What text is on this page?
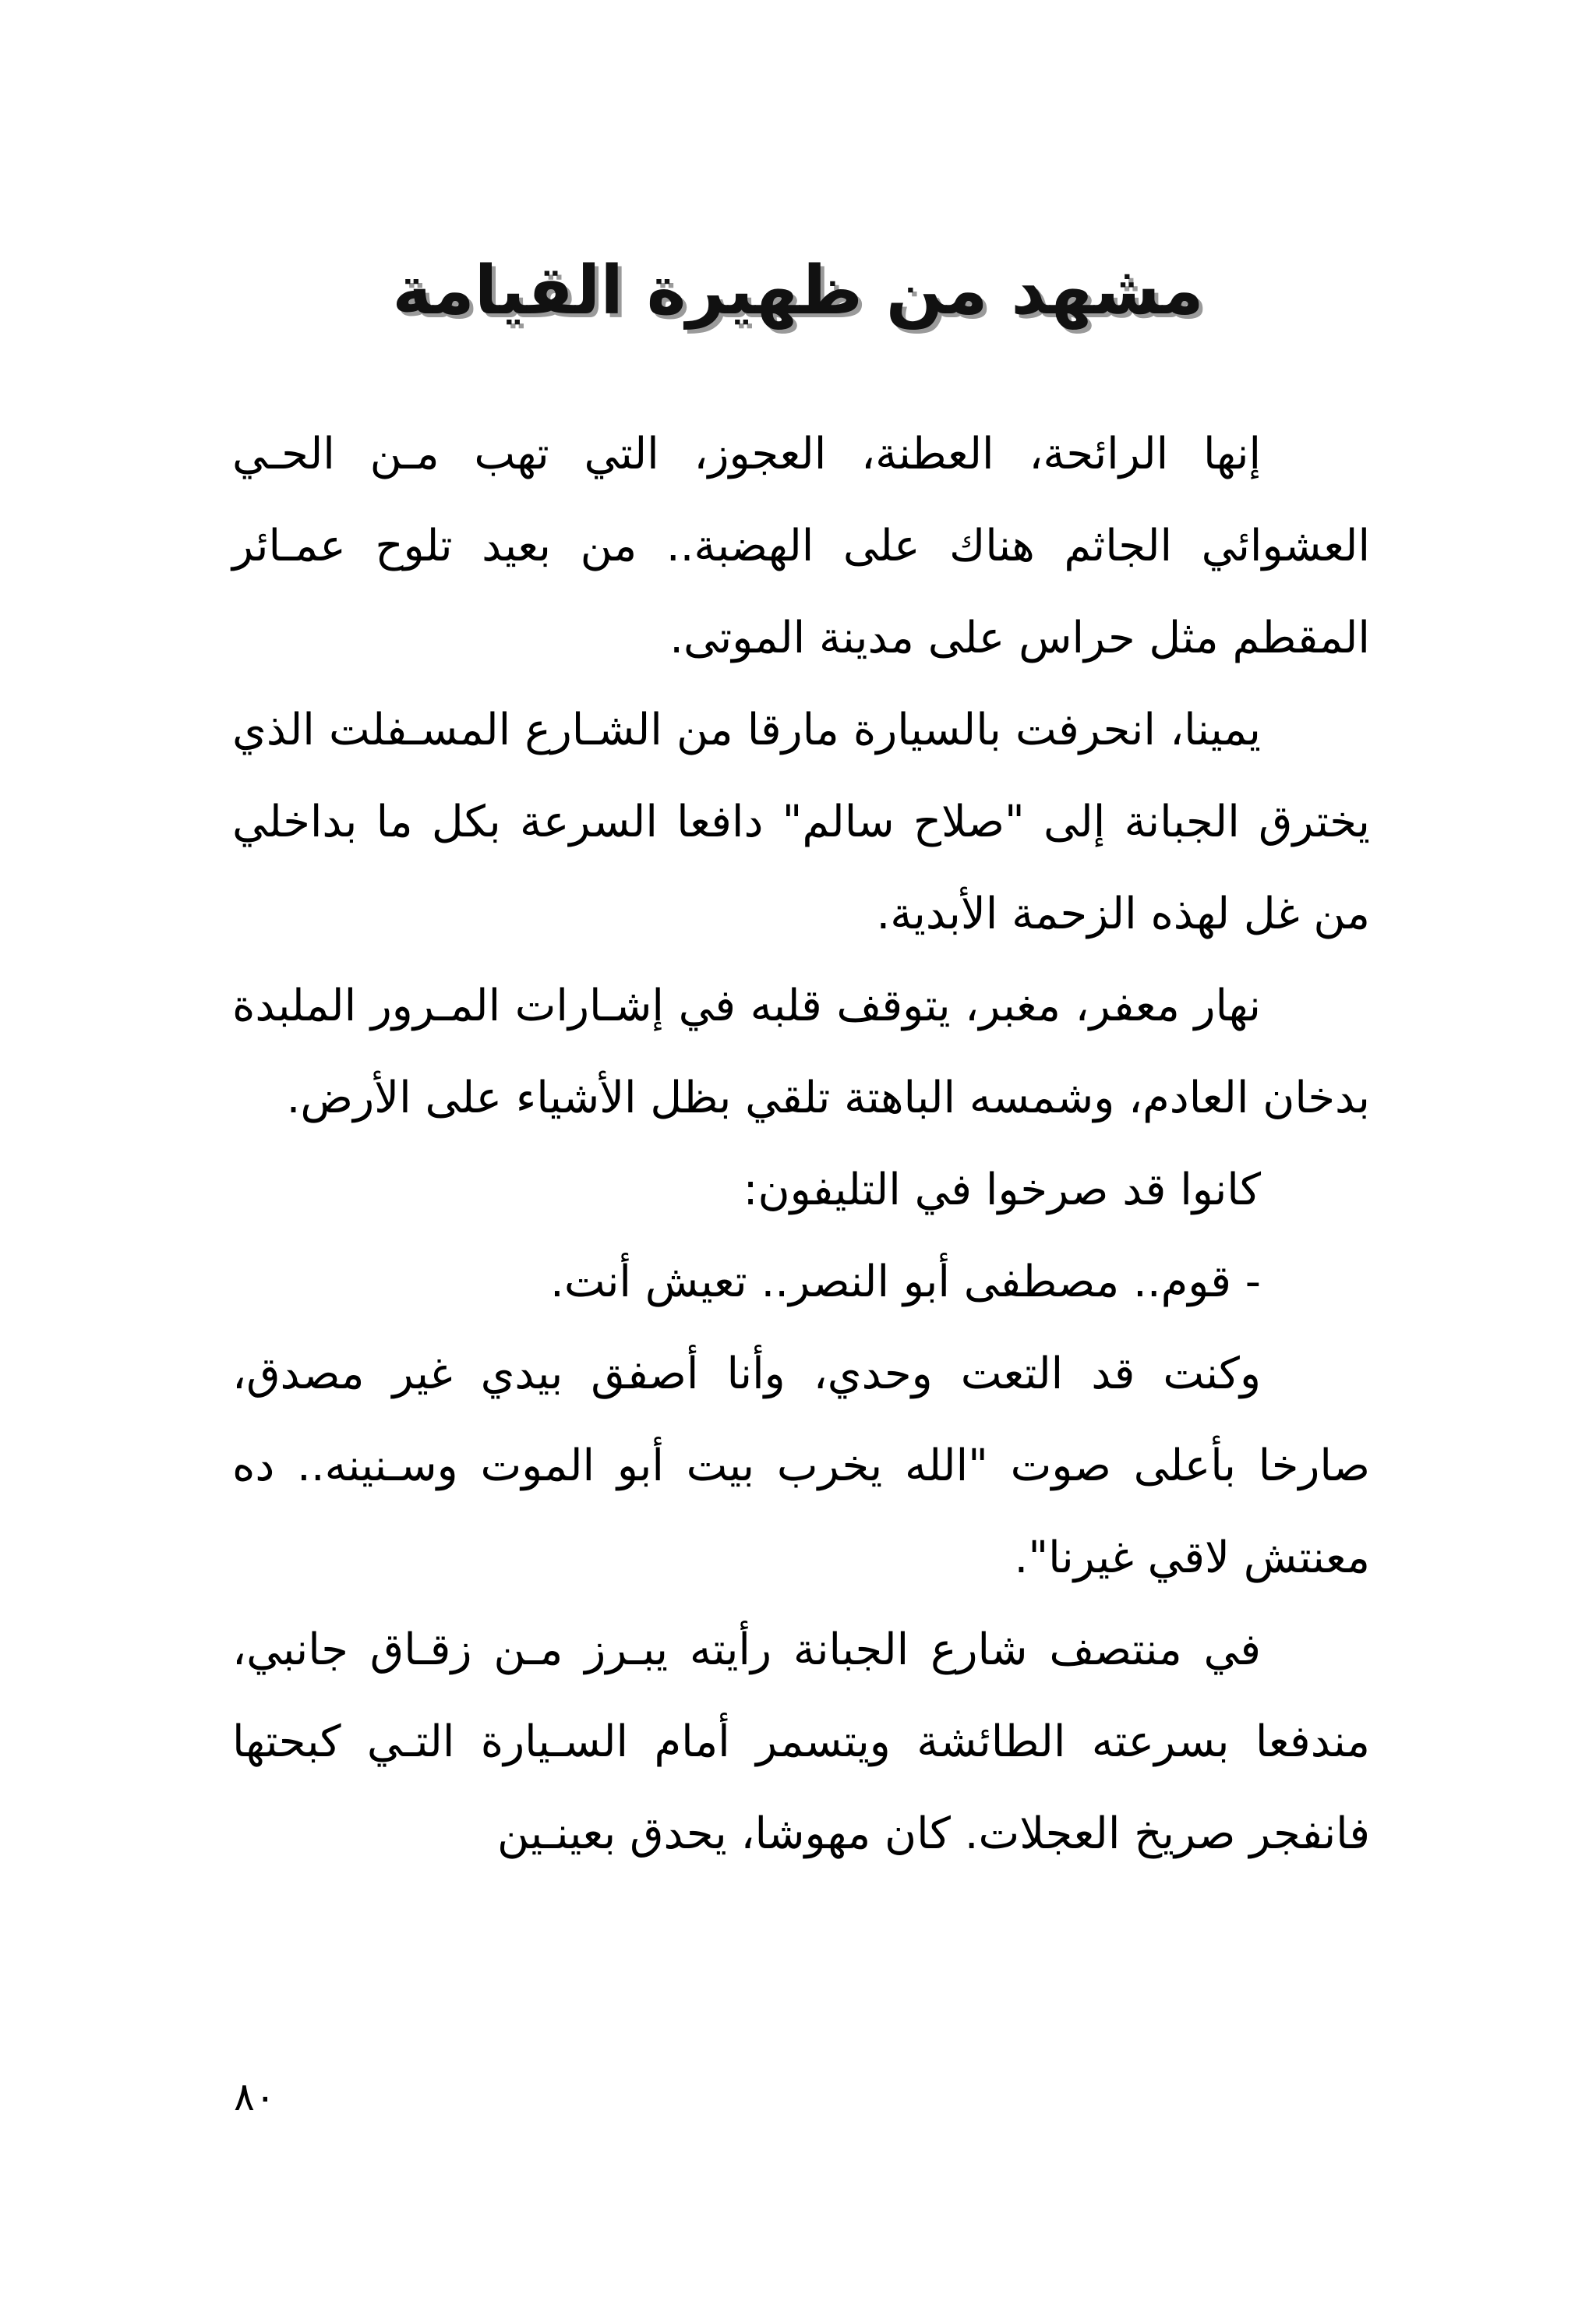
مشهد من ظهيرة القيامة

إنها الرائحة، العطنة، العجوز، التي تهب مـن الحـي العشوائي الجاثم هناك على الهضبة.. من بعيد تلوح عمـائر المقطم مثل حراس على مدينة الموتى.

يمينا، انحرفت بالسيارة مارقا من الشـارع المسـفلت الذي يخترق الجبانة إلى "صلاح سالم" دافعا السرعة بكل ما بداخلي من غل لهذه الزحمة الأبدية.

نهار معفر، مغبر، يتوقف قلبه في إشـارات المـرور الملبدة بدخان العادم، وشمسه الباهتة تلقي بظل الأشياء على الأرض.

كانوا قد صرخوا في التليفون:

- قوم.. مصطفى أبو النصر.. تعيش أنت.

وكنت قد التعت وحدي، وأنا أصفق بيدي غير مصدق، صارخا بأعلى صوت "الله يخرب بيت أبو الموت وسـنينه.. ده معنتش لاقي غيرنا".

في منتصف شارع الجبانة رأيته يبـرز مـن زقـاق جانبي، مندفعا بسرعته الطائشة ويتسمر أمام السـيارة التـي كبحتها فانفجر صريخ العجلات. كان مهوشا، يحدق بعينـين

٨٠
